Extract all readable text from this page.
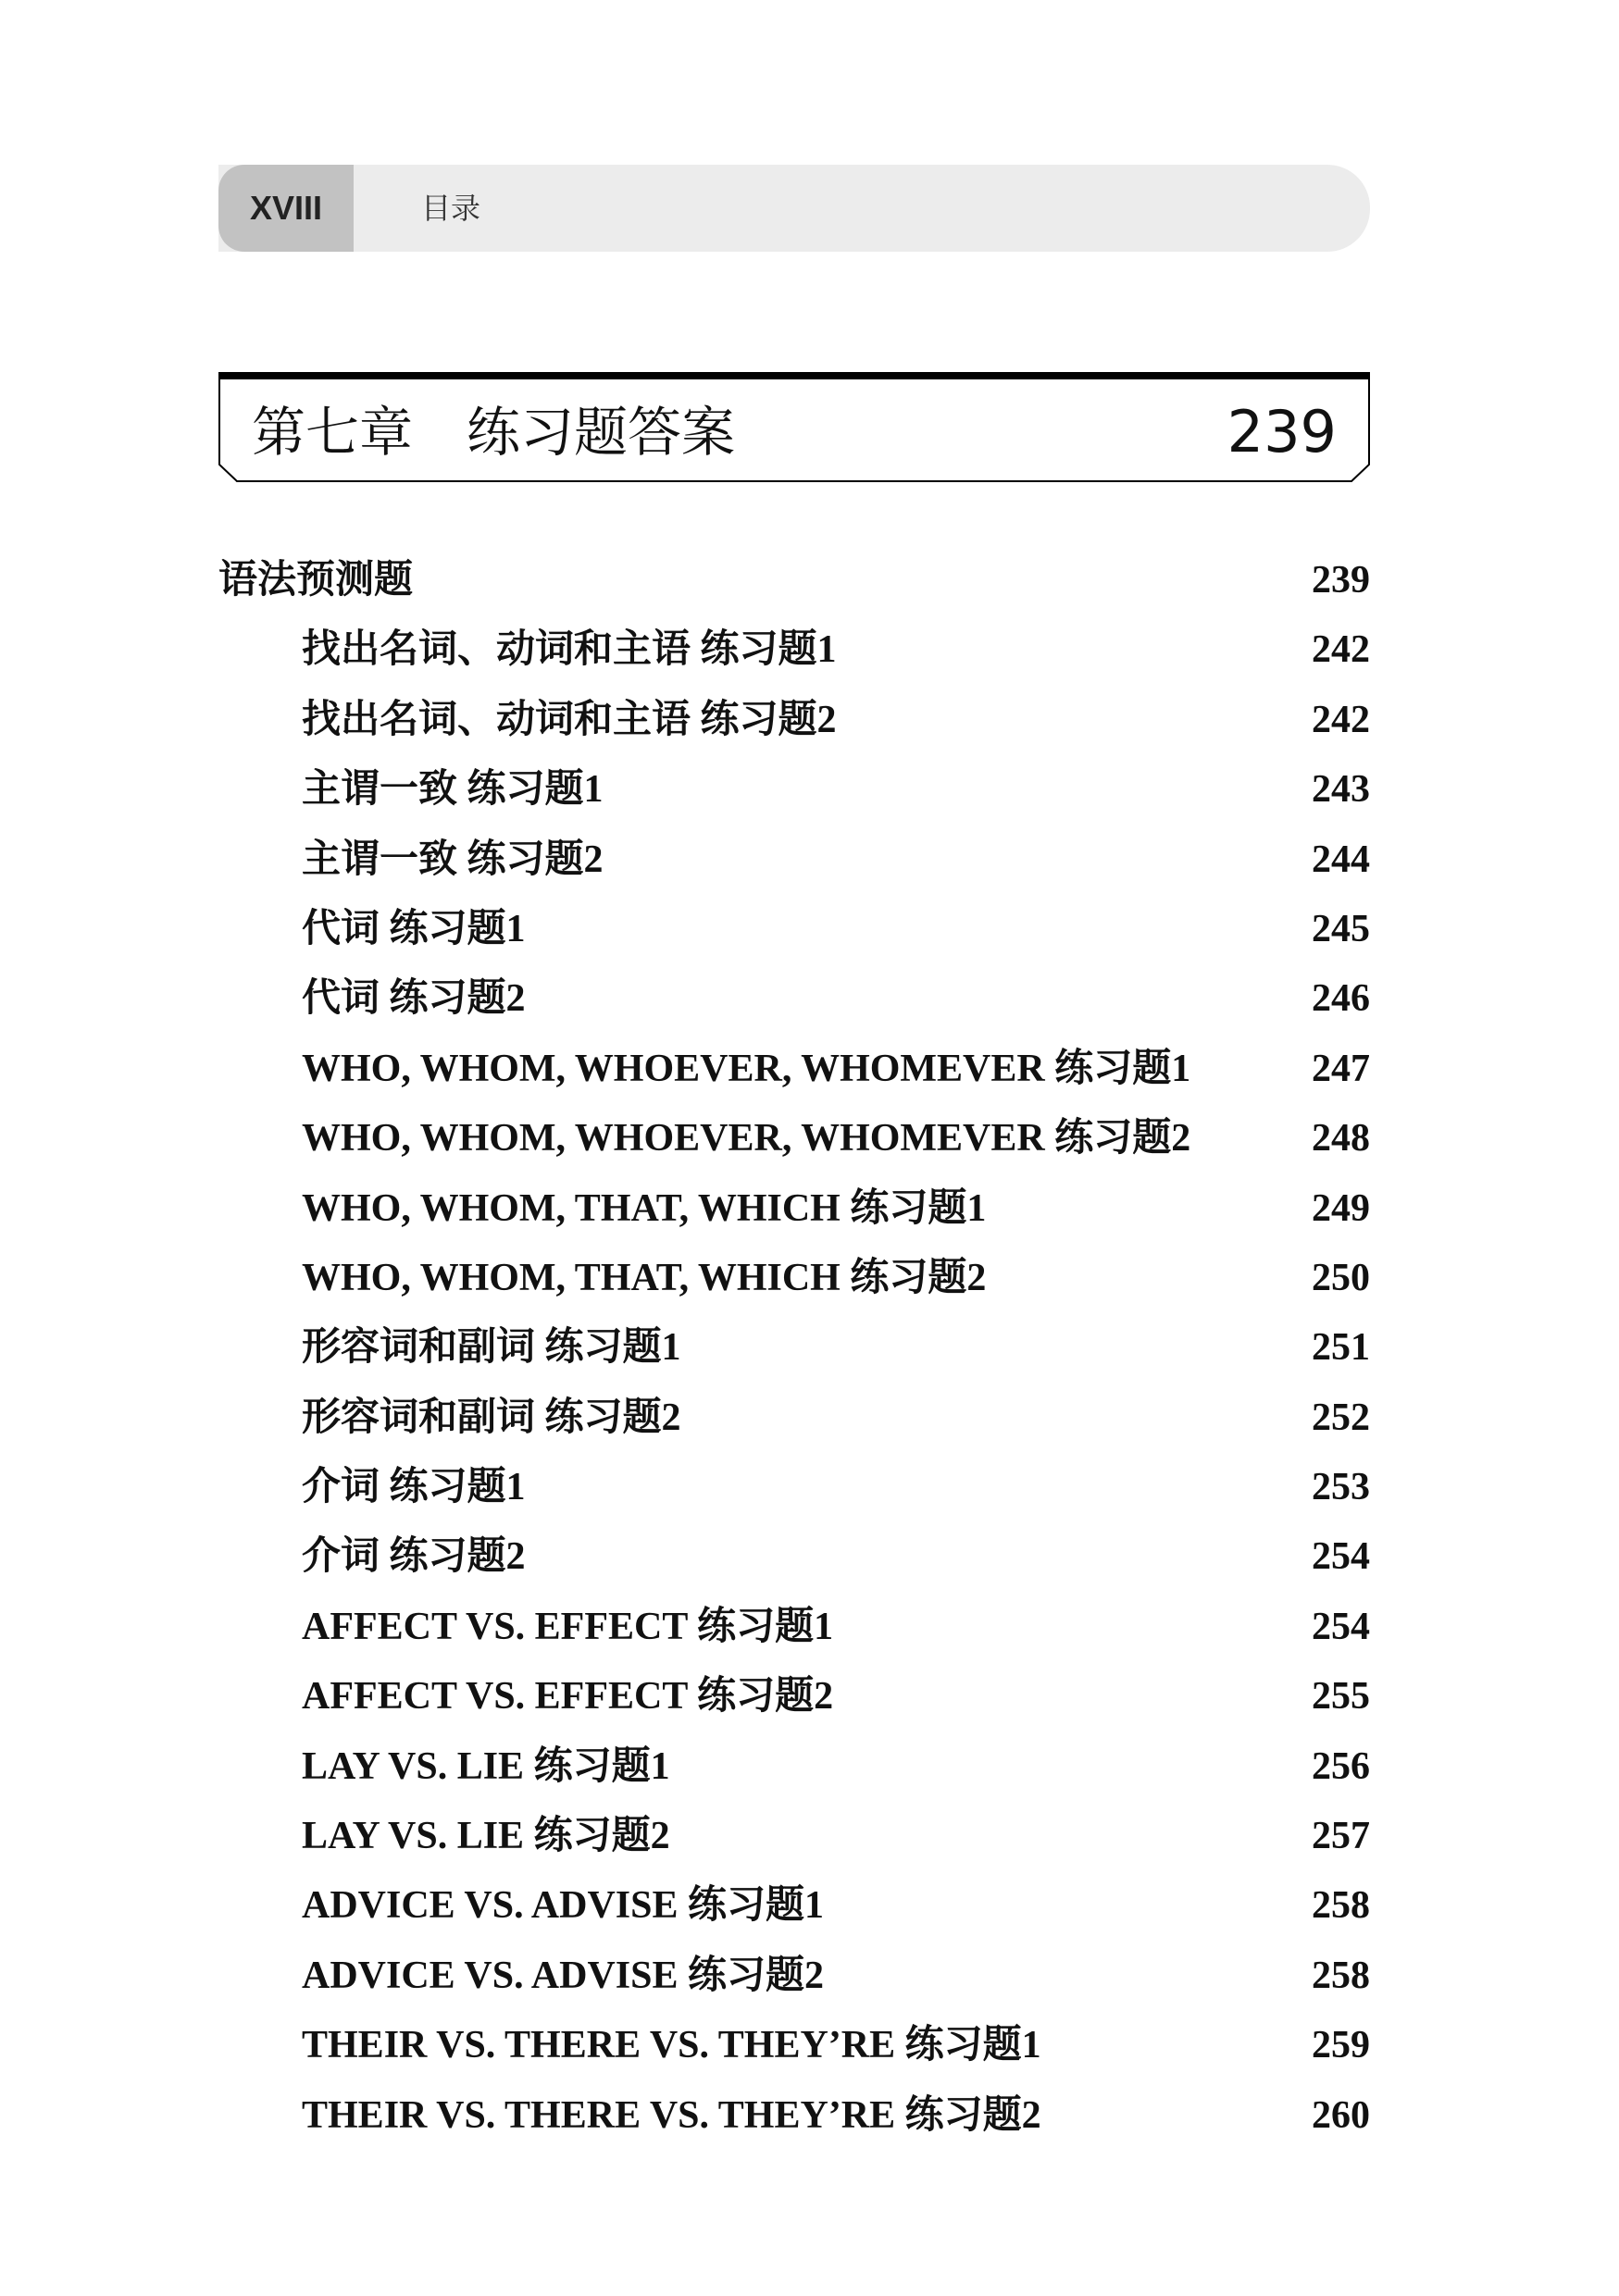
XVIII	目录
第七章　练习题答案	239
语法预测题	239
找出名词、动词和主语 练习题1	242
找出名词、动词和主语 练习题2	242
主谓一致 练习题1	243
主谓一致 练习题2	244
代词 练习题1	245
代词 练习题2	246
WHO, WHOM, WHOEVER, WHOMEVER 练习题1	247
WHO, WHOM, WHOEVER, WHOMEVER 练习题2	248
WHO, WHOM, THAT, WHICH 练习题1	249
WHO, WHOM, THAT, WHICH 练习题2	250
形容词和副词 练习题1	251
形容词和副词 练习题2	252
介词 练习题1	253
介词 练习题2	254
AFFECT VS. EFFECT 练习题1	254
AFFECT VS. EFFECT 练习题2	255
LAY VS. LIE 练习题1	256
LAY VS. LIE 练习题2	257
ADVICE VS. ADVISE 练习题1	258
ADVICE VS. ADVISE 练习题2	258
THEIR VS. THERE VS. THEY’RE 练习题1	259
THEIR VS. THERE VS. THEY’RE 练习题2	260
